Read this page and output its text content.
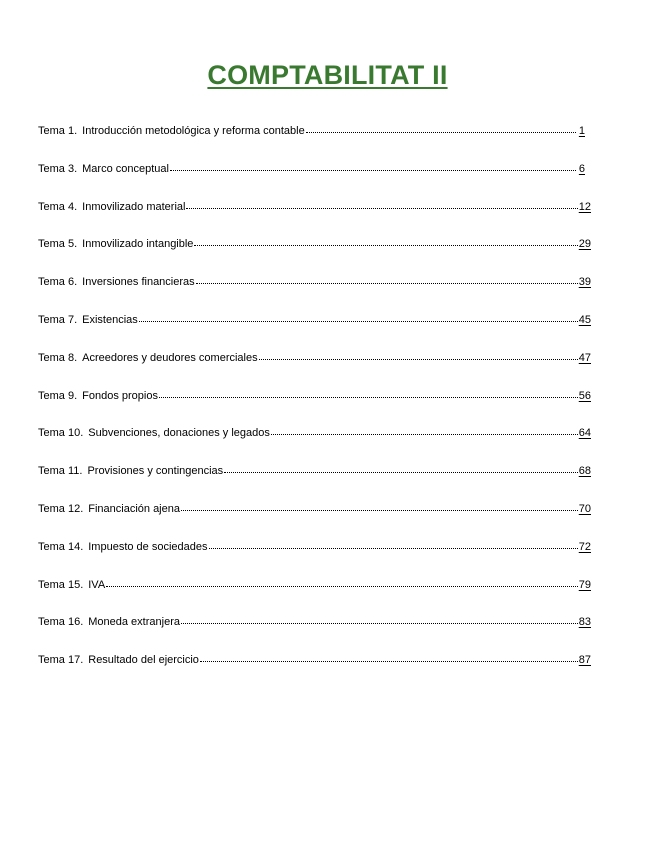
COMPTABILITAT II
Tema 1. Introducción metodológica y reforma contable	1
Tema 3. Marco conceptual	6
Tema 4. Inmovilizado material	12
Tema 5. Inmovilizado intangible	29
Tema 6. Inversiones financieras	39
Tema 7. Existencias	45
Tema 8. Acreedores y deudores comerciales	47
Tema 9. Fondos propios	56
Tema 10. Subvenciones, donaciones y legados	64
Tema 11. Provisiones y contingencias	68
Tema 12. Financiación ajena	70
Tema 14. Impuesto de sociedades	72
Tema 15. IVA	79
Tema 16. Moneda extranjera	83
Tema 17. Resultado del ejercicio	87
